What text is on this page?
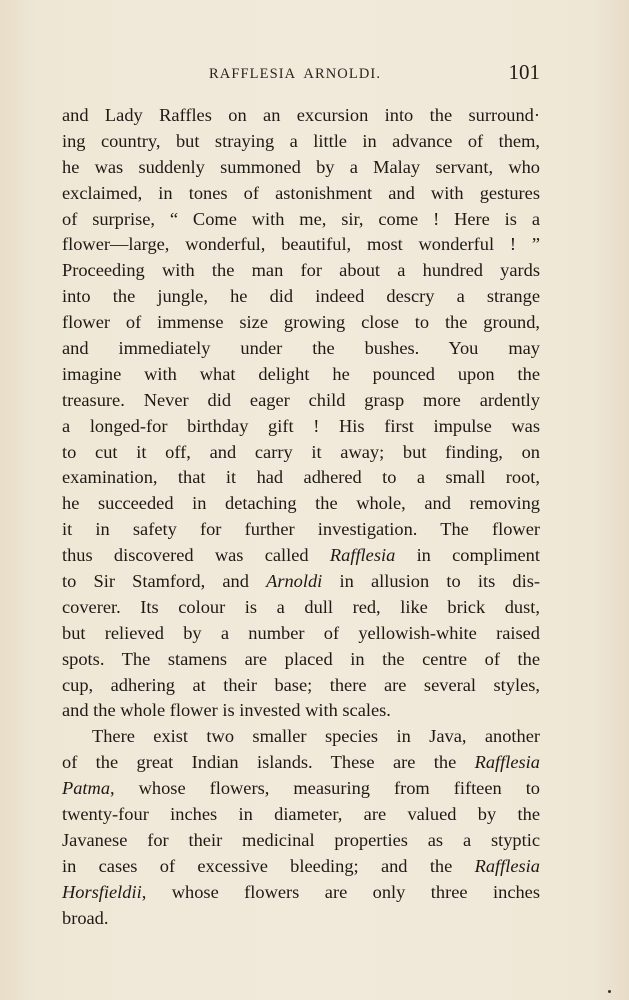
RAFFLESIA ARNOLDI.	101
and Lady Raffles on an excursion into the surround·
ing country, but straying a little in advance of them,
he was suddenly summoned by a Malay servant, who
exclaimed, in tones of astonishment and with gestures
of surprise, “ Come with me, sir, come ! Here is a
flower—large, wonderful, beautiful, most wonderful ! ”
Proceeding with the man for about a hundred yards
into the jungle, he did indeed descry a strange
flower of immense size growing close to the ground,
and immediately under the bushes. You may
imagine with what delight he pounced upon the
treasure. Never did eager child grasp more ardently
a longed-for birthday gift ! His first impulse was
to cut it off, and carry it away; but finding, on
examination, that it had adhered to a small root,
he succeeded in detaching the whole, and removing
it in safety for further investigation. The flower
thus discovered was called Rafflesia in compliment
to Sir Stamford, and Arnoldi in allusion to its dis-
coverer. Its colour is a dull red, like brick dust,
but relieved by a number of yellowish-white raised
spots. The stamens are placed in the centre of the
cup, adhering at their base; there are several styles,
and the whole flower is invested with scales.
There exist two smaller species in Java, another
of the great Indian islands. These are the Rafflesia
Patma, whose flowers, measuring from fifteen to
twenty-four inches in diameter, are valued by the
Javanese for their medicinal properties as a styptic
in cases of excessive bleeding; and the Rafflesia
Horsfieldii, whose flowers are only three inches
broad.
